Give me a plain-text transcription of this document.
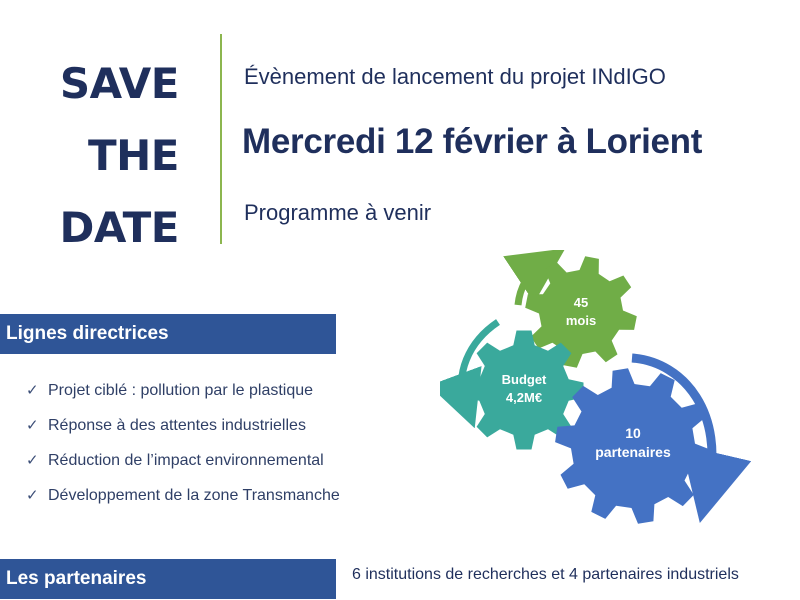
SAVE
THE
DATE
Évènement de lancement du projet INdIGO
Mercredi 12 février à Lorient
Programme à venir
Lignes directrices
✓ Projet ciblé : pollution par le plastique
✓ Réponse à des attentes industrielles
✓ Réduction de l’impact environnemental
✓ Développement de la zone Transmanche
45
mois
Budget
4,2M€
10
partenaires
Les partenaires	6 institutions de recherches et 4 partenaires industriels
